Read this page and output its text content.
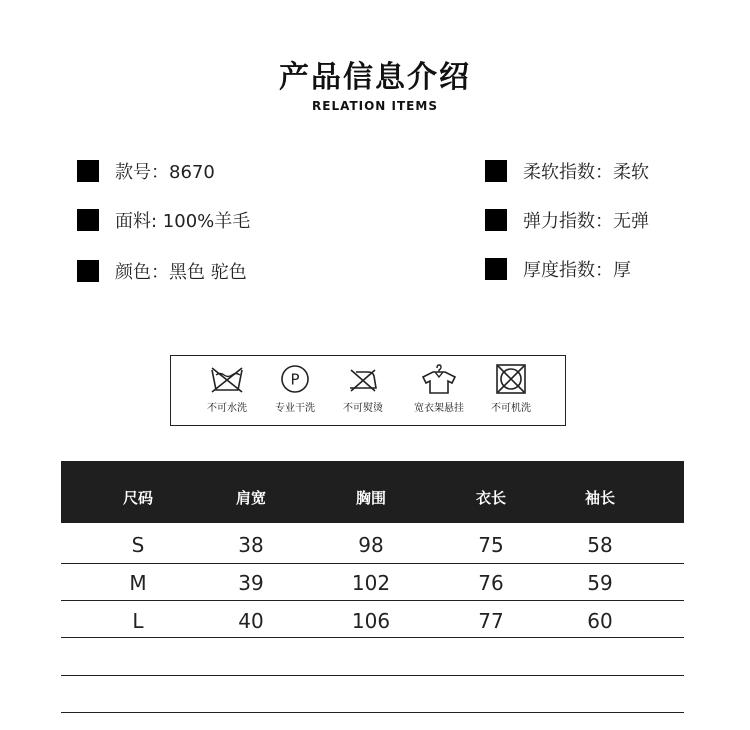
产品信息介绍
RELATION ITEMS
款号：8670
面料: 100%羊毛
颜色：黑色 驼色
柔软指数：柔软
弹力指数：无弹
厚度指数：厚
不可水洗
P
专业干洗	不可熨烫	宽衣架悬挂	不可机洗
尺码	肩宽	胸围	衣长	袖长
S	38	98	75	58
M	39	102	76	59
L	40	106	77	60
